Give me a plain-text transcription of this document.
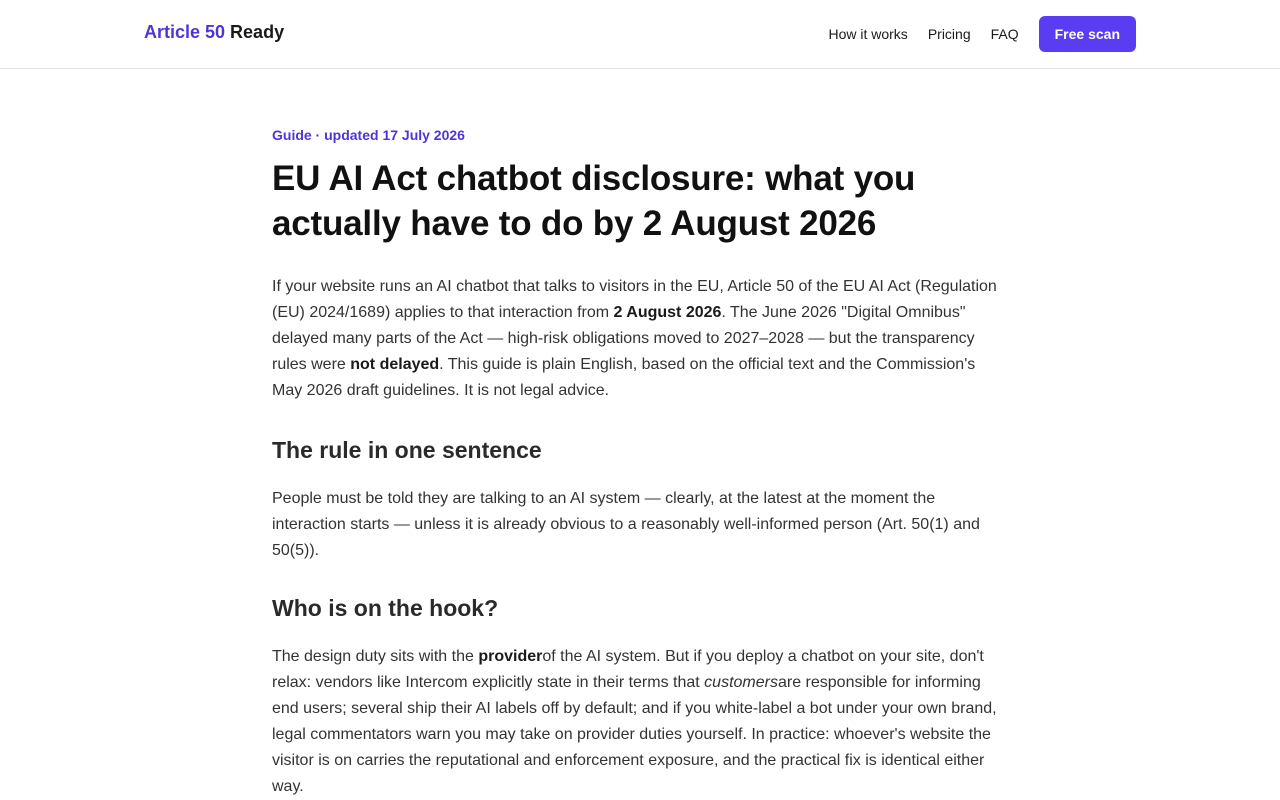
Article 50 Ready	How it works Pricing FAQ	Free scan
Guide · updated 17 July 2026
EU AI Act chatbot disclosure: what you actually have to do by 2 August 2026

If your website runs an AI chatbot that talks to visitors in the EU, Article 50 of the EU AI Act (Regulation (EU) 2024/1689) applies to that interaction from 2 August 2026. The June 2026 "Digital Omnibus" delayed many parts of the Act — high-risk obligations moved to 2027–2028 — but the transparency rules were not delayed. This guide is plain English, based on the official text and the Commission's May 2026 draft guidelines. It is not legal advice.

The rule in one sentence

People must be told they are talking to an AI system — clearly, at the latest at the moment the interaction starts — unless it is already obvious to a reasonably well-informed person (Art. 50(1) and 50(5)).

Who is on the hook?

The design duty sits with the providerof the AI system. But if you deploy a chatbot on your site, don't relax: vendors like Intercom explicitly state in their terms that customersare responsible for informing end users; several ship their AI labels off by default; and if you white-label a bot under your own brand, legal commentators warn you may take on provider duties yourself. In practice: whoever's website the visitor is on carries the reputational and enforcement exposure, and the practical fix is identical either way.
